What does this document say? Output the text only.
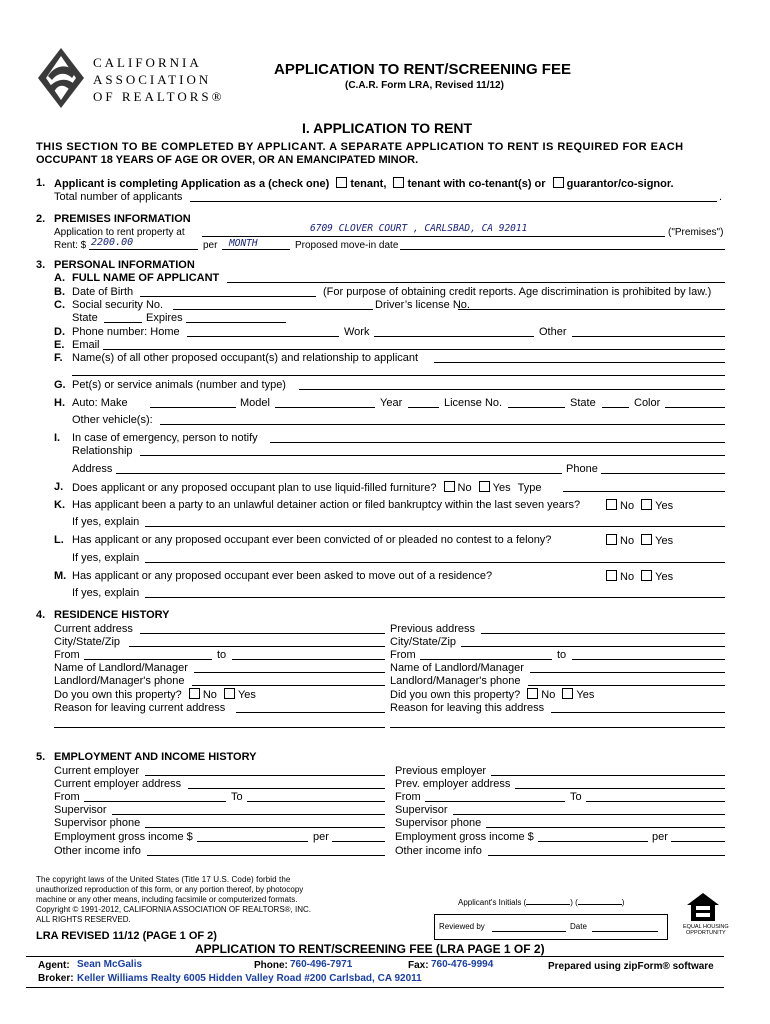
CALIFORNIA
ASSOCIATION
OF REALTORS®
APPLICATION TO RENT/SCREENING FEE
(C.A.R. Form LRA, Revised 11/12)
I. APPLICATION TO RENT
THIS SECTION TO BE COMPLETED BY APPLICANT. A SEPARATE APPLICATION TO RENT IS REQUIRED FOR EACH
OCCUPANT 18 YEARS OF AGE OR OVER, OR AN EMANCIPATED MINOR.
1. Applicant is completing Application as a (check one) tenant, tenant with co-tenant(s) or guarantor/co-signor.
Total number of applicants	.
2. PREMISES INFORMATION
Application to rent property at	6709 CLOVER COURT , CARLSBAD, CA 92011	("Premises")
Rent: $ 2200.00	per MONTH	Proposed move-in date
3. PERSONAL INFORMATION
A. FULL NAME OF APPLICANT
B. Date of Birth	(For purpose of obtaining credit reports. Age discrimination is prohibited by law.)
C. Social security No.	Driver’s license No.
State	Expires
D. Phone number: Home	Work	Other
E. Email
F. Name(s) of all other proposed occupant(s) and relationship to applicant
G. Pet(s) or service animals (number and type)
H. Auto: Make	Model	Year	License No.	State	Color
Other vehicle(s):
I. In case of emergency, person to notify
Relationship
Address	Phone
J. Does applicant or any proposed occupant plan to use liquid-filled furniture? No Yes Type
K. Has applicant been a party to an unlawful detainer action or filed bankruptcy within the last seven years?	No Yes
If yes, explain
L. Has applicant or any proposed occupant ever been convicted of or pleaded no contest to a felony?	No Yes
If yes, explain
M. Has applicant or any proposed occupant ever been asked to move out of a residence?	No Yes
If yes, explain
4. RESIDENCE HISTORY
Current address	Previous address
City/State/Zip	City/State/Zip
From	to	From	to
Name of Landlord/Manager	Name of Landlord/Manager
Landlord/Manager's phone	Landlord/Manager's phone
Do you own this property? No Yes	Did you own this property? No Yes
Reason for leaving current address	Reason for leaving this address
5. EMPLOYMENT AND INCOME HISTORY
Current employer	Previous employer
Current employer address	Prev. employer address
From	To	From	To
Supervisor	Supervisor
Supervisor phone	Supervisor phone
Employment gross income $	per	Employment gross income $	per
Other income info	Other income info
The copyright laws of the United States (Title 17 U.S. Code) forbid the
unauthorized reproduction of this form, or any portion thereof, by photocopy
machine or any other means, including facsimile or computerized formats.
Copyright © 1991-2012, CALIFORNIA ASSOCIATION OF REALTORS®, INC.
ALL RIGHTS RESERVED.
Applicant's Initials (	) (	)
Reviewed by	Date	EQUAL HOUSING
OPPORTUNITY
LRA REVISED 11/12 (PAGE 1 OF 2)
APPLICATION TO RENT/SCREENING FEE (LRA PAGE 1 OF 2)
Agent: Sean McGalis	Phone: 760-496-7971	Fax: 760-476-9994	Prepared using zipForm® software
Broker: Keller Williams Realty 6005 Hidden Valley Road #200 Carlsbad, CA 92011
